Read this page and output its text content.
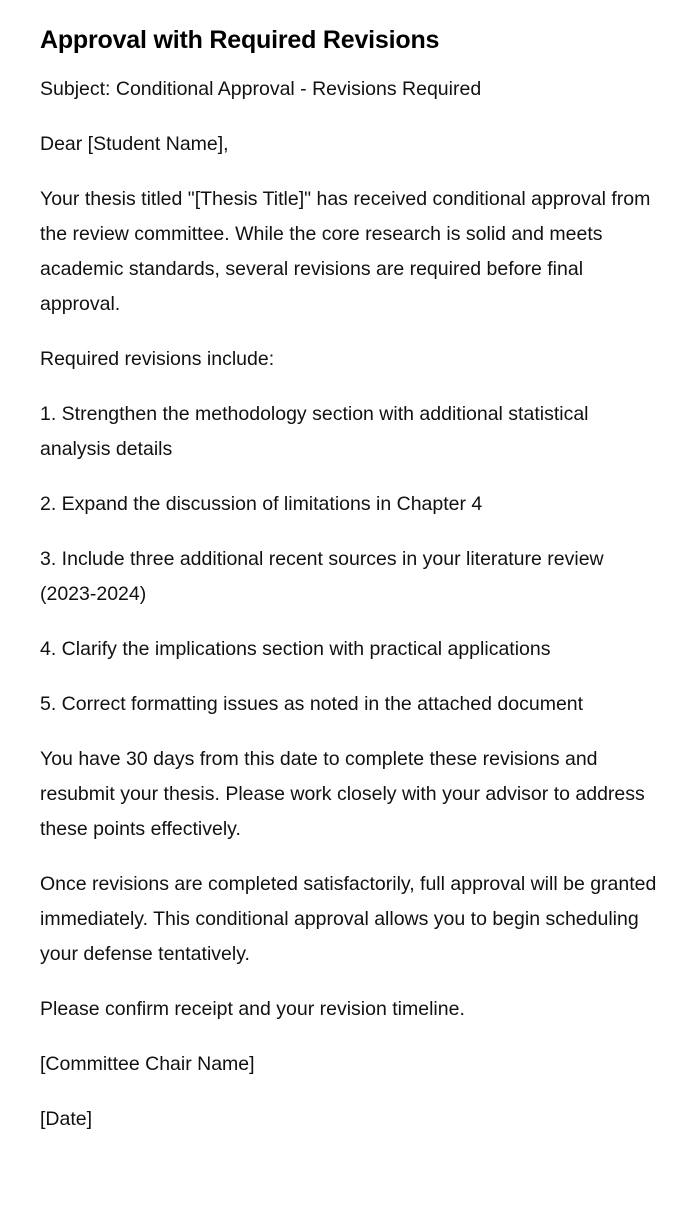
Approval with Required Revisions

Subject: Conditional Approval - Revisions Required

Dear [Student Name],

Your thesis titled "[Thesis Title]" has received conditional approval from the review committee. While the core research is solid and meets academic standards, several revisions are required before final approval.

Required revisions include:

1. Strengthen the methodology section with additional statistical analysis details

2. Expand the discussion of limitations in Chapter 4

3. Include three additional recent sources in your literature review (2023-2024)

4. Clarify the implications section with practical applications

5. Correct formatting issues as noted in the attached document

You have 30 days from this date to complete these revisions and resubmit your thesis. Please work closely with your advisor to address these points effectively.

Once revisions are completed satisfactorily, full approval will be granted immediately. This conditional approval allows you to begin scheduling your defense tentatively.

Please confirm receipt and your revision timeline.

[Committee Chair Name]

[Date]
